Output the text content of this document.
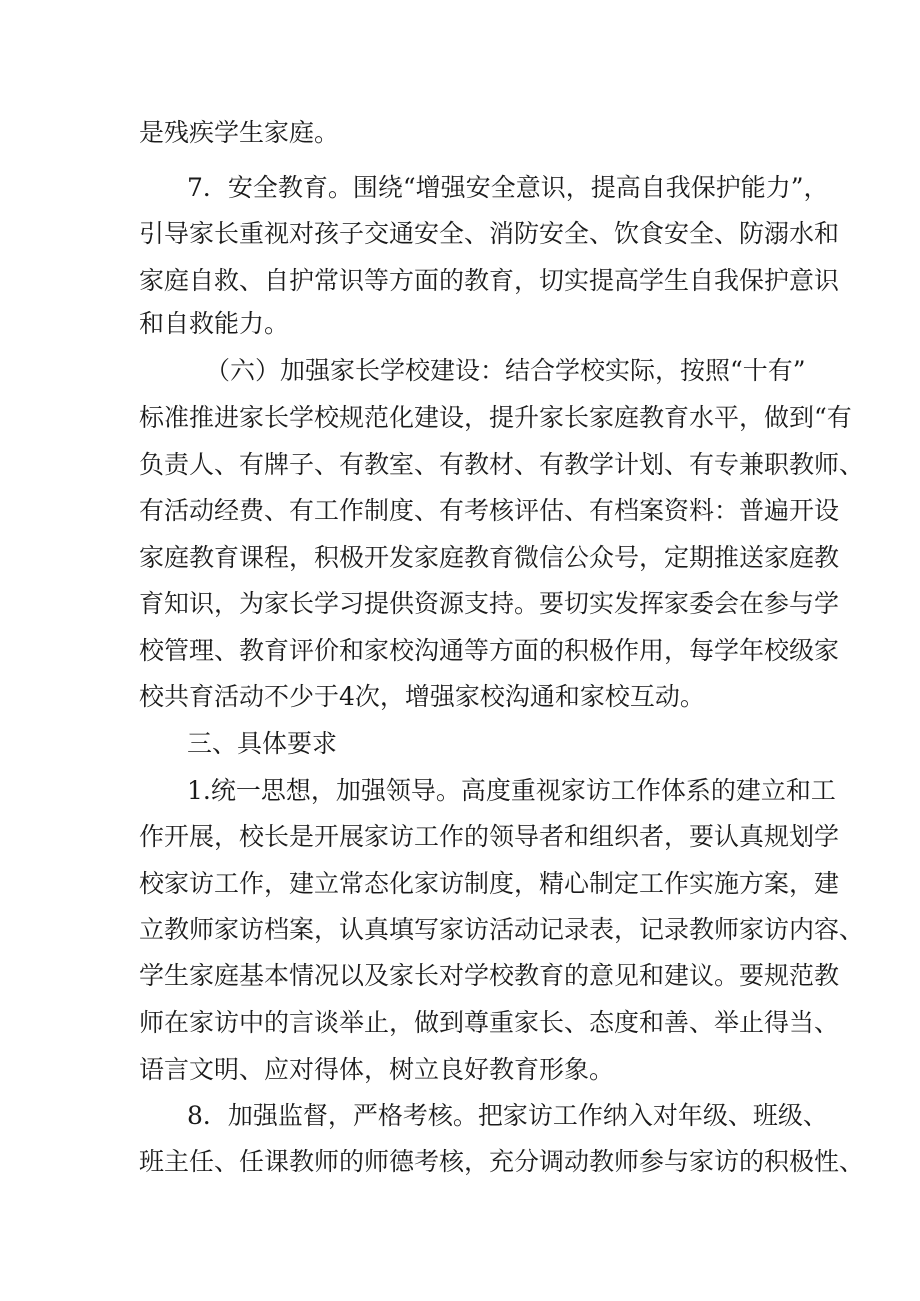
是残疾学生家庭。
7．安全教育。围绕“增强安全意识，提高自我保护能力”，
引导家长重视对孩子交通安全、消防安全、饮食安全、防溺水和
家庭自救、自护常识等方面的教育，切实提高学生自我保护意识
和自救能力。
（六）加强家长学校建设：结合学校实际，按照“十有”
标准推进家长学校规范化建设，提升家长家庭教育水平，做到“有
负责人、有牌子、有教室、有教材、有教学计划、有专兼职教师、
有活动经费、有工作制度、有考核评估、有档案资料：普遍开设
家庭教育课程，积极开发家庭教育微信公众号，定期推送家庭教
育知识，为家长学习提供资源支持。要切实发挥家委会在参与学
校管理、教育评价和家校沟通等方面的积极作用，每学年校级家
校共育活动不少于4次，增强家校沟通和家校互动。
三、具体要求
1.统一思想，加强领导。高度重视家访工作体系的建立和工
作开展，校长是开展家访工作的领导者和组织者，要认真规划学
校家访工作，建立常态化家访制度，精心制定工作实施方案，建
立教师家访档案，认真填写家访活动记录表，记录教师家访内容、
学生家庭基本情况以及家长对学校教育的意见和建议。要规范教
师在家访中的言谈举止，做到尊重家长、态度和善、举止得当、
语言文明、应对得体，树立良好教育形象。
8．加强监督，严格考核。把家访工作纳入对年级、班级、
班主任、任课教师的师德考核，充分调动教师参与家访的积极性、
